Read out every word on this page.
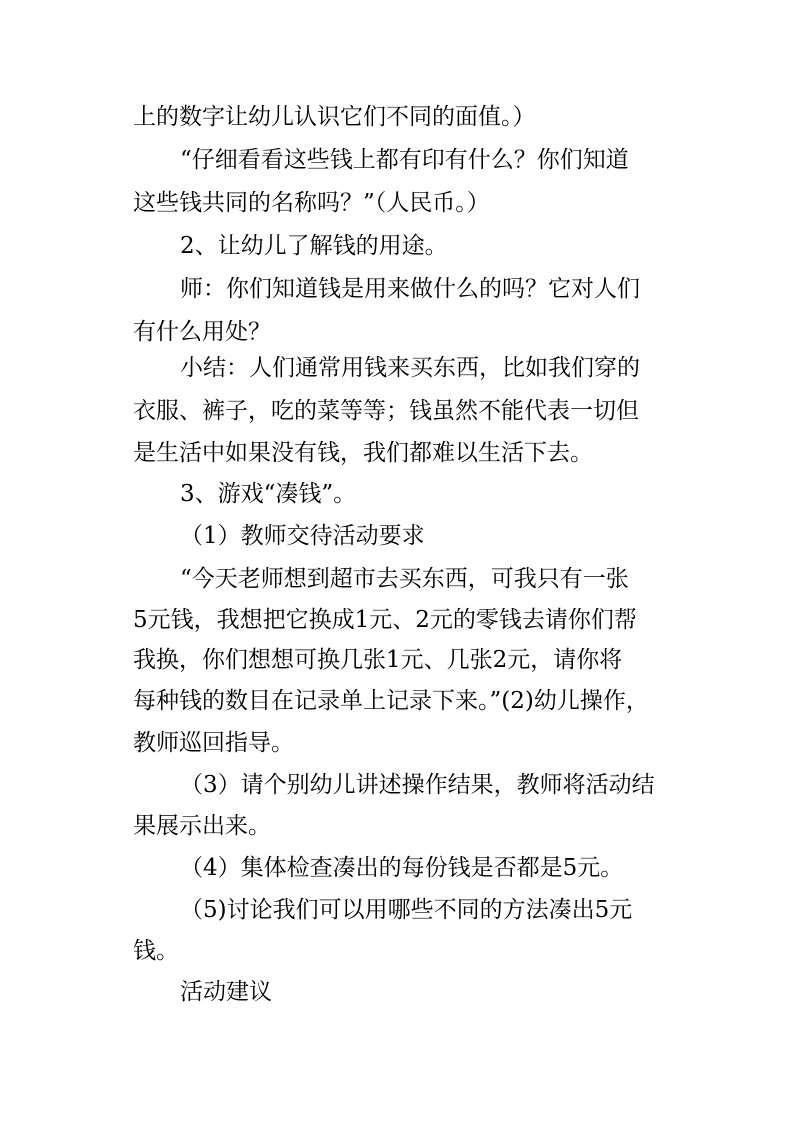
上的数字让幼儿认识它们不同的面值。）
“仔细看看这些钱上都有印有什么？你们知道
这些钱共同的名称吗？”（人民币。）
2、让幼儿了解钱的用途。
师：你们知道钱是用来做什么的吗？它对人们
有什么用处？
小结：人们通常用钱来买东西，比如我们穿的
衣服、裤子，吃的菜等等；钱虽然不能代表一切但
是生活中如果没有钱，我们都难以生活下去。
3、游戏“凑钱”。
（1）教师交待活动要求
“今天老师想到超市去买东西，可我只有一张
5元钱，我想把它换成1元、2元的零钱去请你们帮
我换，你们想想可换几张1元、几张2元，请你将
每种钱的数目在记录单上记录下来。”(2)幼儿操作，
教师巡回指导。
（3）请个别幼儿讲述操作结果，教师将活动结
果展示出来。
（4）集体检查凑出的每份钱是否都是5元。
（5)讨论我们可以用哪些不同的方法凑出5元
钱。
活动建议
